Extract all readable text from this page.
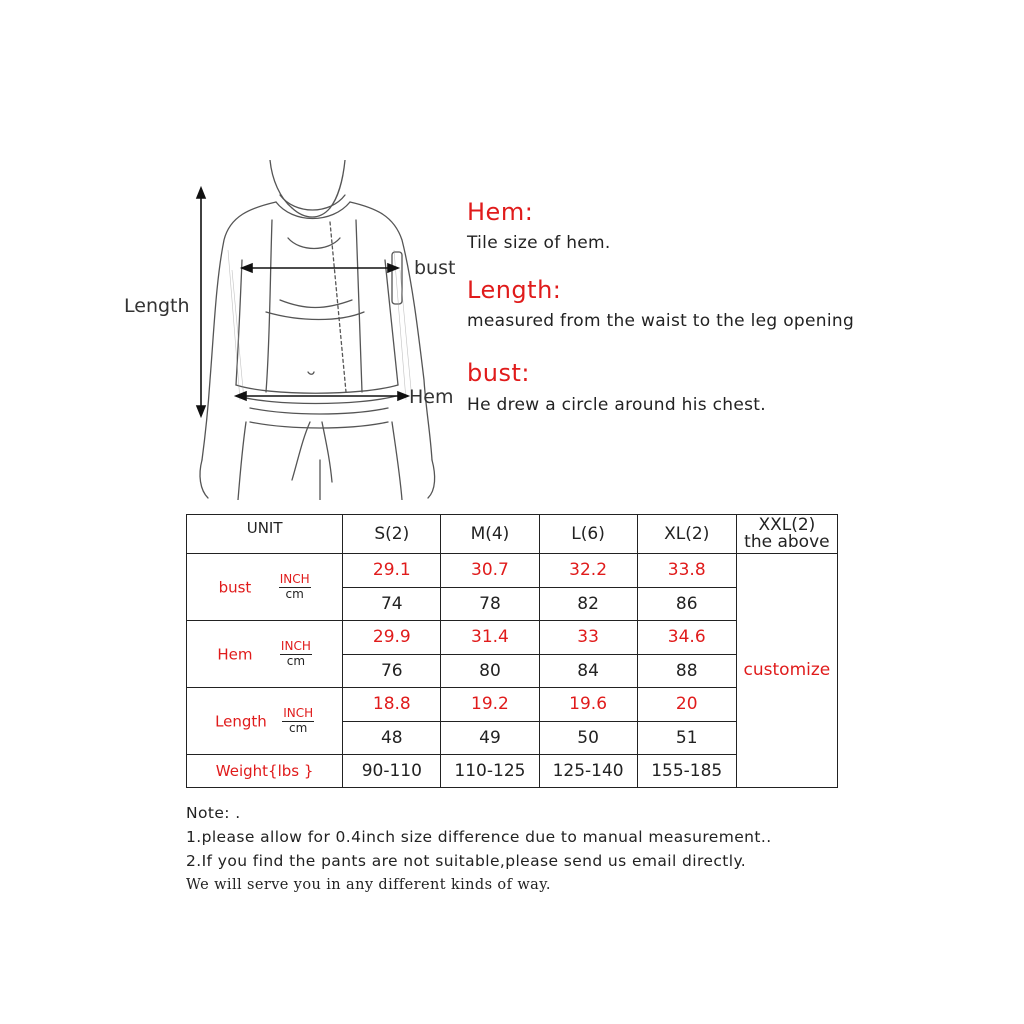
Length
bust
Hem
Hem:
Tile size of hem.
Length:
measured from the waist to the leg opening
bust:
He drew a circle around his chest.
UNIT	S(2)	M(4)	L(6)	XL(2)	XXL(2)
the above

bust $\frac{\text{INCH}}{cm}$	29.1	30.7	32.2	33.8	customize
	74	78	82	86	
Hem $\frac{\text{INCH}}{cm}$	29.9	31.4	33	34.6	
	76	80	84	88	
Length $\frac{\text{INCH}}{cm}$	18.8	19.2	19.6	20	
	48	49	50	51	
Weight{lbs }	90-110	110-125	125-140	155-185	
Note: .
1.please allow for 0.4inch size difference due to manual measurement..
2.If you find the pants are not suitable,please send us email directly.
We will serve you in any different kinds of way.
